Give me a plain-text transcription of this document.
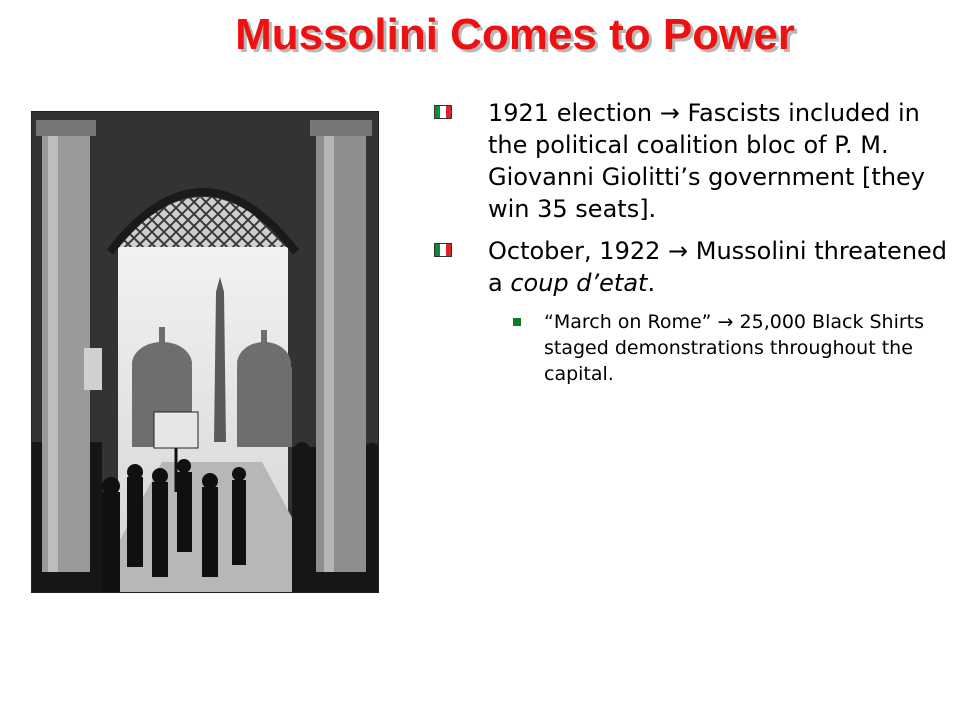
Mussolini Comes to Power
1921 election → Fascists included in the political coalition bloc of P. M. Giovanni Giolitti’s government [they win 35 seats].
October, 1922 → Mussolini threatened a coup d’etat.
“March on Rome” → 25,000 Black Shirts staged demonstrations throughout the capital.
